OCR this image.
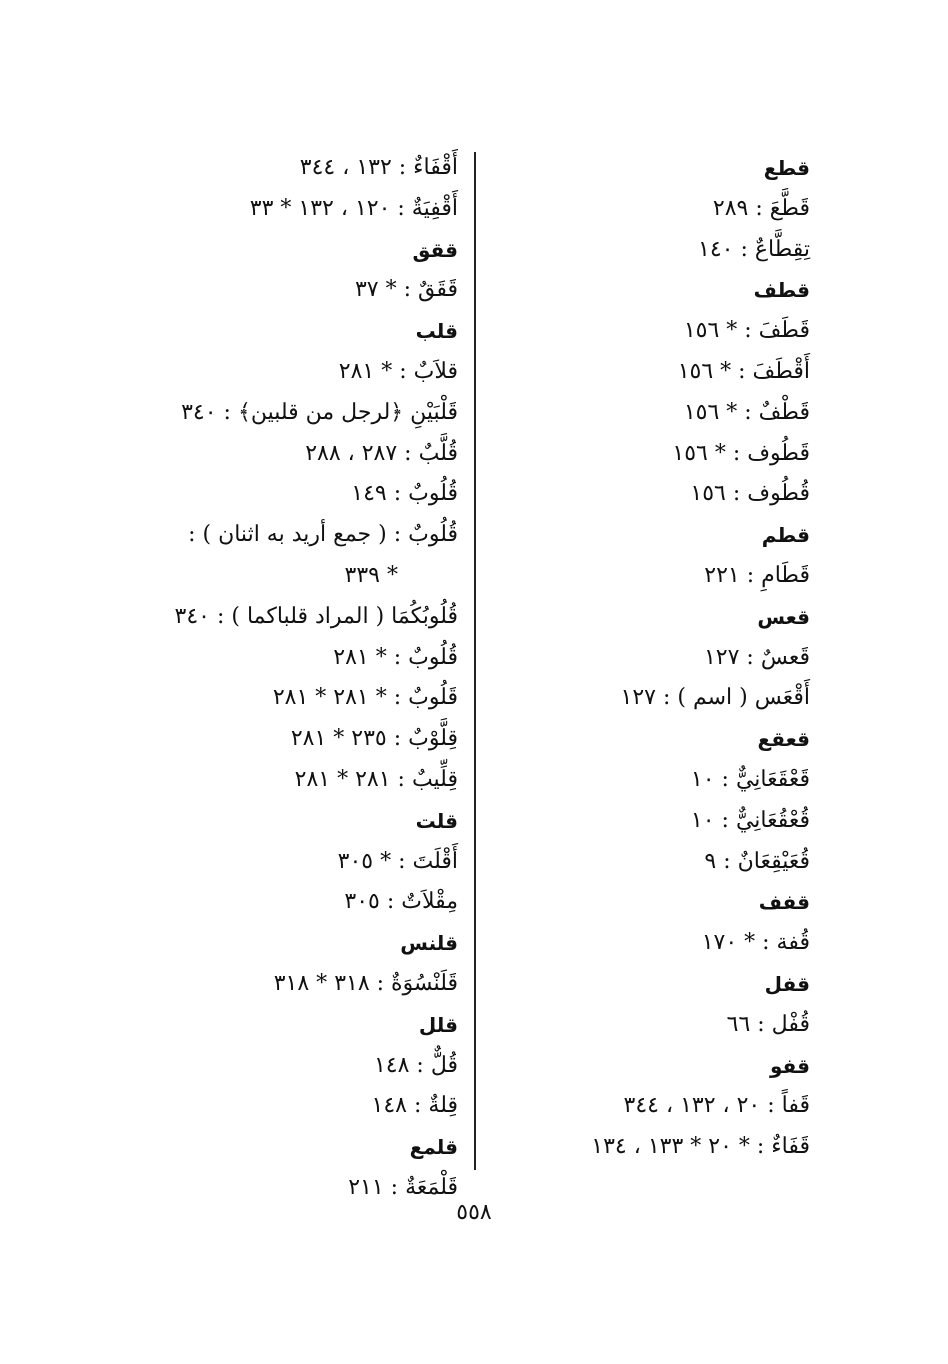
قطع
قَطَّعَ : ٢٨٩
تِقِطَّاعٌ : ١٤٠
قطف
قَطَفَ : * ١٥٦
أَقْطَفَ : * ١٥٦
قَطْفٌ : * ١٥٦
قَطُوف : * ١٥٦
قُطُوف : ١٥٦
قطم
قَطَامِ : ٢٢١
قعس
قَعسٌ : ١٢٧
أَقْعَس ( اسم ) : ١٢٧
قعقع
قَعْقَعَانِيٌّ : ١٠
قُعْقُعَانِيٌّ : ١٠
قُعَيْقِعَانٌ : ٩
قفف
قُفة : * ١٧٠
قفل
قُفْل : ٦٦
قفو
قَفاً : ٢٠ ، ١٣٢ ، ٣٤٤
قَفَاءٌ : * ٢٠ * ١٣٣ ، ١٣٤
أَقْفَاءٌ : ١٣٢ ، ٣٤٤
أَقْفِيَةٌ : ١٢٠ ، ١٣٢ * ٣٣
ققق
قَقَقٌ : * ٣٧
قلب
قلاَبٌ : * ٢٨١
قَلْبَيْنِ ﴿لرجل من قلبين﴾ : ٣٤٠
قُلَّبٌ : ٢٨٧ ، ٢٨٨
قُلُوبٌ : ١٤٩
قُلُوبٌ : ( جمع أريد به اثنان ) :
* ٣٣٩
قُلُوبُكُمَا ( المراد قلباكما ) : ٣٤٠
قُلُوبٌ : * ٢٨١
قَلُوبٌ : * ٢٨١ * ٢٨١
قِلَّوْبٌ : ٢٣٥ * ٢٨١
قِلِّيبٌ : ٢٨١ * ٢٨١
قلت
أَقْلَتَ : * ٣٠٥
مِقْلاَتٌ : ٣٠٥
قلنس
قَلَنْسُوَةٌ : ٣١٨ * ٣١٨
قلل
قُلٌّ : ١٤٨
قِلةٌ : ١٤٨
قلمع
قَلْمَعَةٌ : ٢١١
٥٥٨
